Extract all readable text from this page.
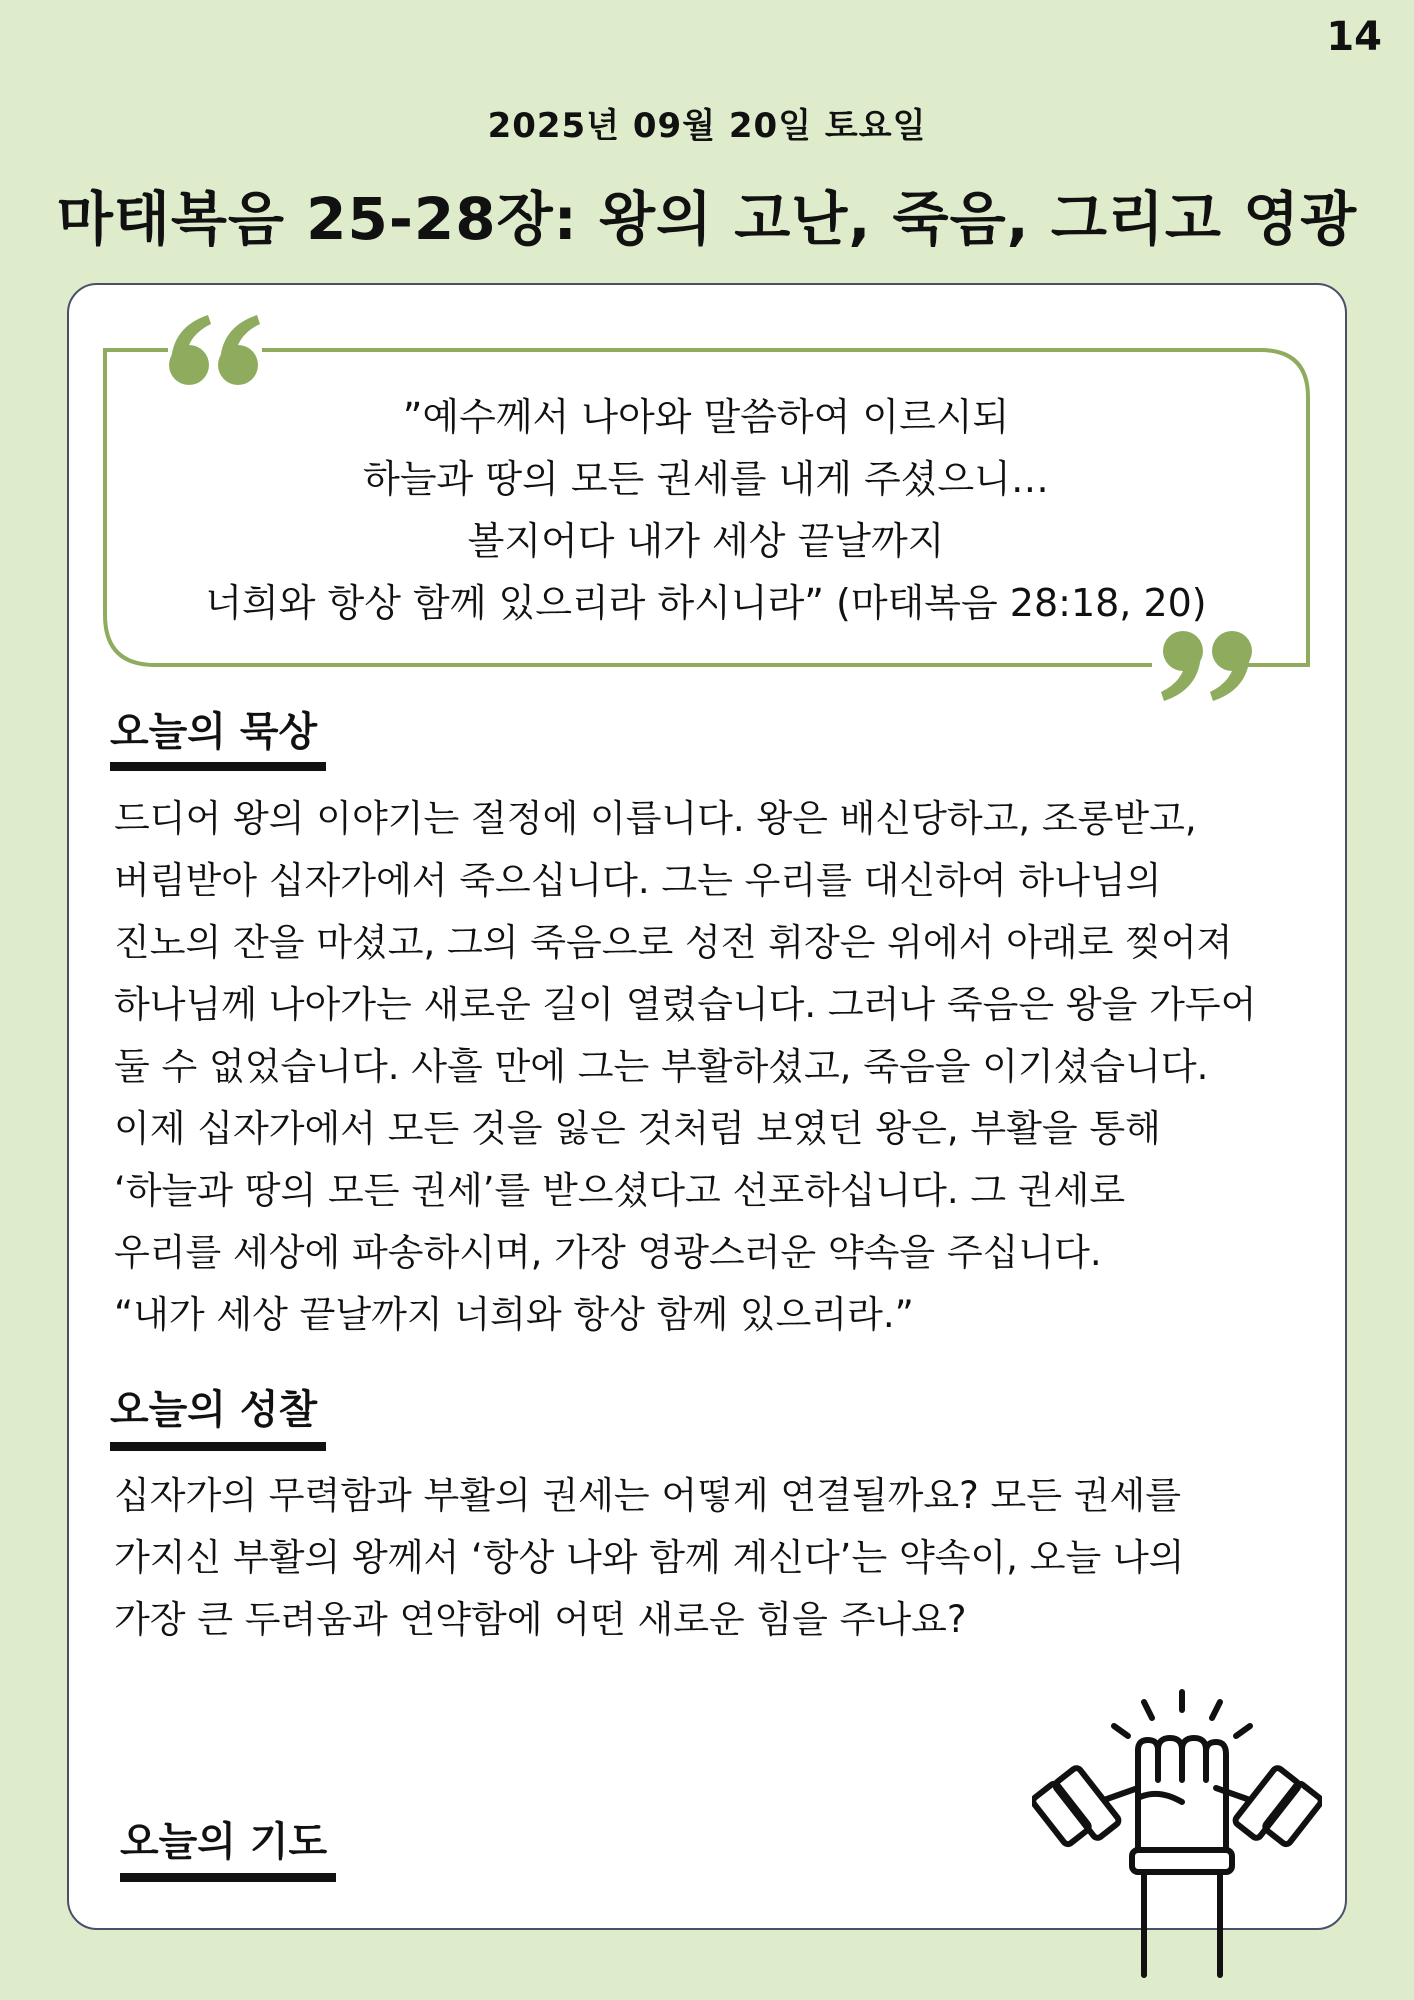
14
2025년 09월 20일 토요일
마태복음 25-28장: 왕의 고난, 죽음, 그리고 영광
”예수께서 나아와 말씀하여 이르시되
하늘과 땅의 모든 권세를 내게 주셨으니…
볼지어다 내가 세상 끝날까지
너희와 항상 함께 있으리라 하시니라” (마태복음 28:18, 20)
오늘의 묵상
드디어 왕의 이야기는 절정에 이릅니다. 왕은 배신당하고, 조롱받고,
버림받아 십자가에서 죽으십니다. 그는 우리를 대신하여 하나님의
진노의 잔을 마셨고, 그의 죽음으로 성전 휘장은 위에서 아래로 찢어져
하나님께 나아가는 새로운 길이 열렸습니다. 그러나 죽음은 왕을 가두어
둘 수 없었습니다. 사흘 만에 그는 부활하셨고, 죽음을 이기셨습니다.
이제 십자가에서 모든 것을 잃은 것처럼 보였던 왕은, 부활을 통해
‘하늘과 땅의 모든 권세’를 받으셨다고 선포하십니다. 그 권세로
우리를 세상에 파송하시며, 가장 영광스러운 약속을 주십니다.
“내가 세상 끝날까지 너희와 항상 함께 있으리라.”
오늘의 성찰
십자가의 무력함과 부활의 권세는 어떻게 연결될까요? 모든 권세를
가지신 부활의 왕께서 ‘항상 나와 함께 계신다’는 약속이, 오늘 나의
가장 큰 두려움과 연약함에 어떤 새로운 힘을 주나요?
오늘의 기도
